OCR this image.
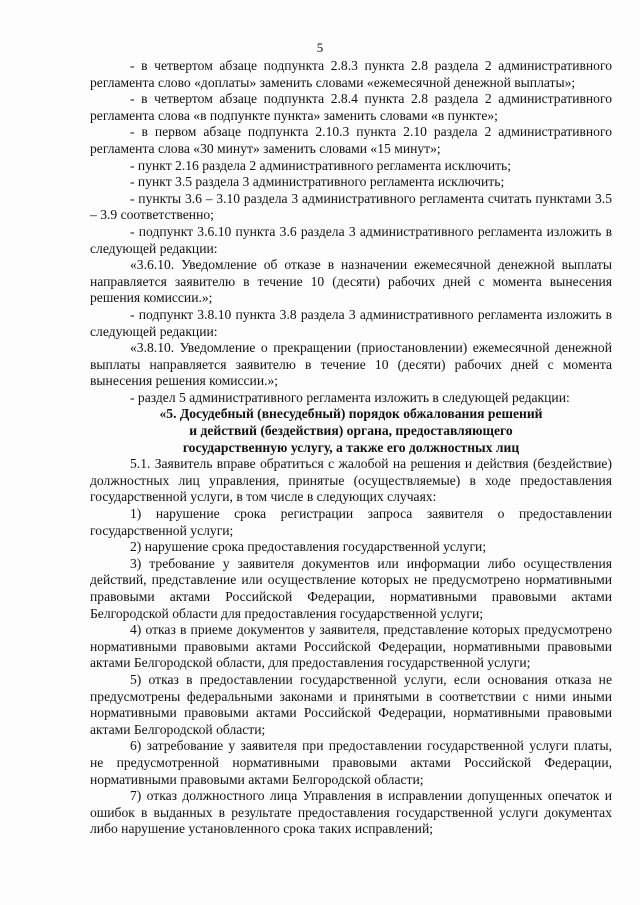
5

- в четвертом абзаце подпункта 2.8.3 пункта 2.8 раздела 2 административного регламента слово «доплаты» заменить словами «ежемесячной денежной выплаты»;

- в четвертом абзаце подпункта 2.8.4 пункта 2.8 раздела 2 административного регламента слова «в подпункте пункта» заменить словами «в пункте»;

- в первом абзаце подпункта 2.10.3 пункта 2.10 раздела 2 административного регламента слова «30 минут» заменить словами «15 минут»;

- пункт 2.16 раздела 2 административного регламента исключить;

- пункт 3.5 раздела 3 административного регламента исключить;

- пункты 3.6 – 3.10 раздела 3 административного регламента считать пунктами 3.5 – 3.9 соответственно;

- подпункт 3.6.10 пункта 3.6 раздела 3 административного регламента изложить в следующей редакции:

«3.6.10. Уведомление об отказе в назначении ежемесячной денежной выплаты направляется заявителю в течение 10 (десяти) рабочих дней с момента вынесения решения комиссии.»;

- подпункт 3.8.10 пункта 3.8 раздела 3 административного регламента изложить в следующей редакции:

«3.8.10. Уведомление о прекращении (приостановлении) ежемесячной денежной выплаты направляется заявителю в течение 10 (десяти) рабочих дней с момента вынесения решения комиссии.»;

- раздел 5 административного регламента изложить в следующей редакции:

«5. Досудебный (внесудебный) порядок обжалования решений

и действий (бездействия) органа, предоставляющего

государственную услугу, а также его должностных лиц

5.1. Заявитель вправе обратиться с жалобой на решения и действия (бездействие) должностных лиц управления, принятые (осуществляемые) в ходе предоставления государственной услуги, в том числе в следующих случаях:

1) нарушение срока регистрации запроса заявителя о предоставлении государственной услуги;

2) нарушение срока предоставления государственной услуги;

3) требование у заявителя документов или информации либо осуществления действий, представление или осуществление которых не предусмотрено нормативными правовыми актами Российской Федерации, нормативными правовыми актами Белгородской области для предоставления государственной услуги;

4) отказ в приеме документов у заявителя, представление которых предусмотрено нормативными правовыми актами Российской Федерации, нормативными правовыми актами Белгородской области, для предоставления государственной услуги;

5) отказ в предоставлении государственной услуги, если основания отказа не предусмотрены федеральными законами и принятыми в соответствии с ними иными нормативными правовыми актами Российской Федерации, нормативными правовыми актами Белгородской области;

6) затребование у заявителя при предоставлении государственной услуги платы, не предусмотренной нормативными правовыми актами Российской Федерации, нормативными правовыми актами Белгородской области;

7) отказ должностного лица Управления в исправлении допущенных опечаток и ошибок в выданных в результате предоставления государственной услуги документах либо нарушение установленного срока таких исправлений;
